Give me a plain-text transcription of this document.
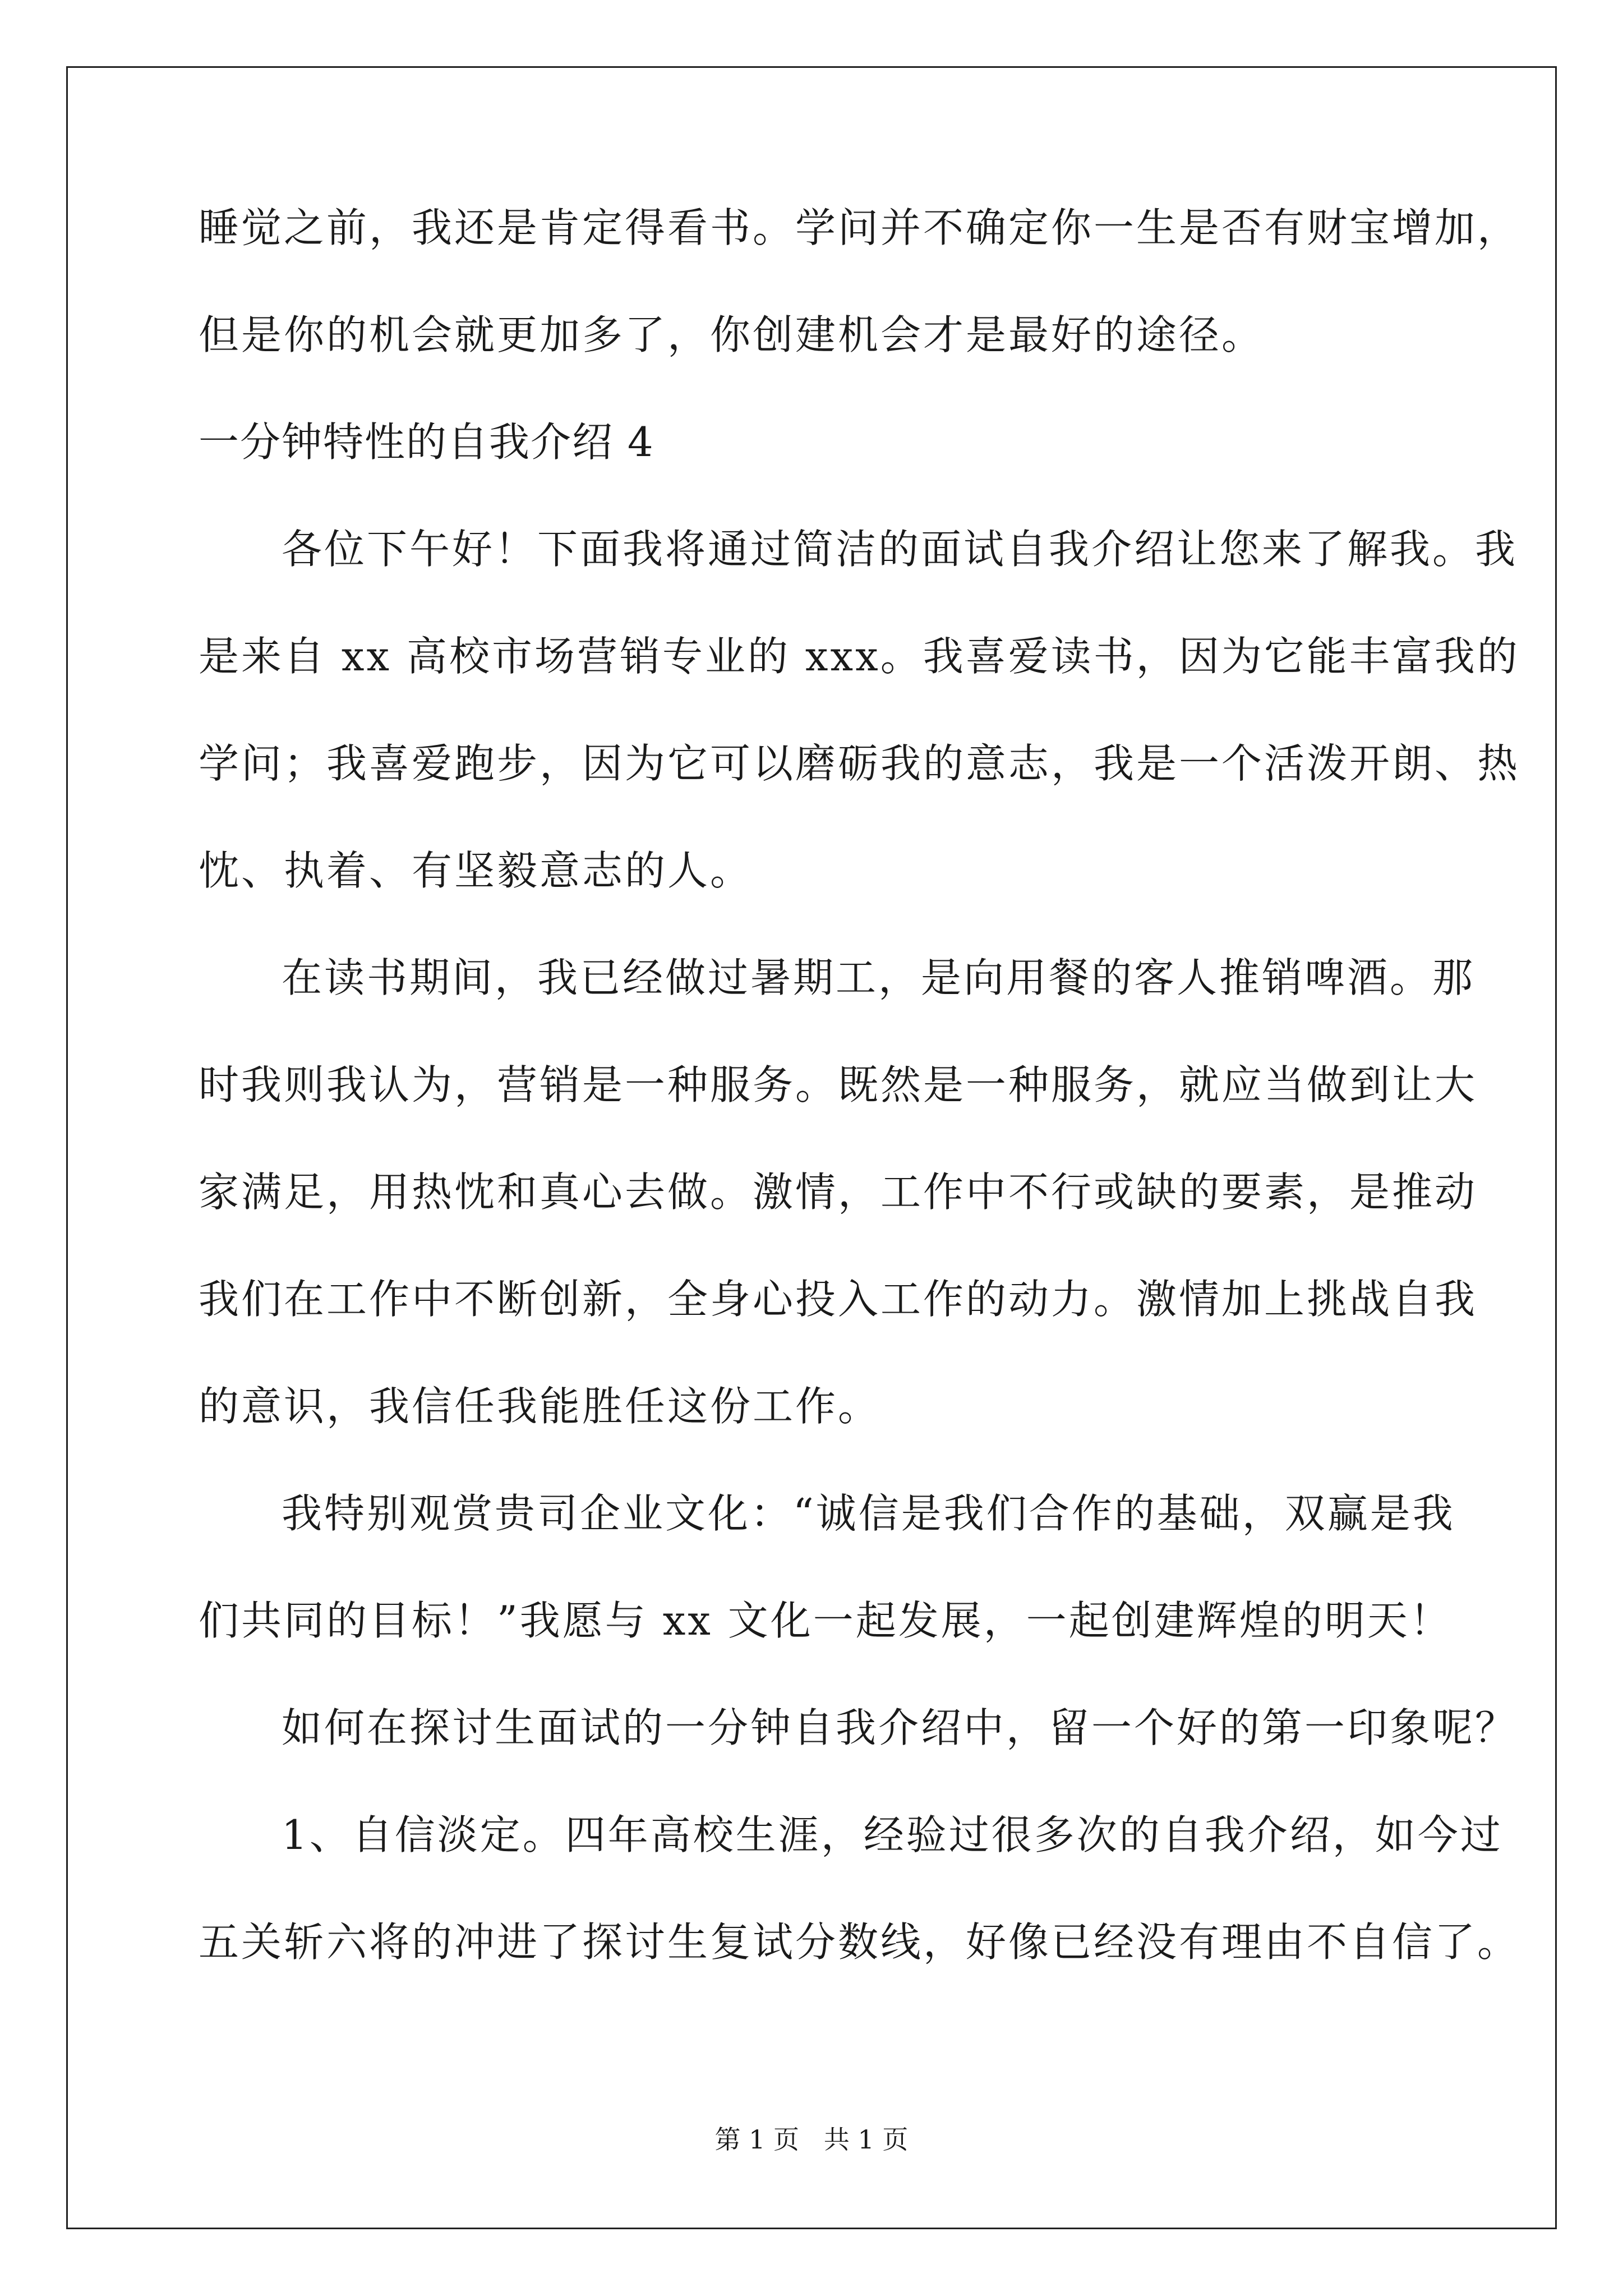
睡觉之前，我还是肯定得看书。学问并不确定你一生是否有财宝增加，
但是你的机会就更加多了，你创建机会才是最好的途径。
一分钟特性的自我介绍 4
各位下午好！下面我将通过简洁的面试自我介绍让您来了解我。我
是来自 xx 高校市场营销专业的 xxx。我喜爱读书，因为它能丰富我的
学问；我喜爱跑步，因为它可以磨砺我的意志，我是一个活泼开朗、热
忱、执着、有坚毅意志的人。
在读书期间，我已经做过暑期工，是向用餐的客人推销啤酒。那
时我则我认为，营销是一种服务。既然是一种服务，就应当做到让大
家满足，用热忱和真心去做。激情，工作中不行或缺的要素，是推动
我们在工作中不断创新，全身心投入工作的动力。激情加上挑战自我
的意识，我信任我能胜任这份工作。
我特别观赏贵司企业文化：“诚信是我们合作的基础，双赢是我
们共同的目标！”我愿与 xx 文化一起发展，一起创建辉煌的明天！
如何在探讨生面试的一分钟自我介绍中，留一个好的第一印象呢？
1、自信淡定。四年高校生涯，经验过很多次的自我介绍，如今过
五关斩六将的冲进了探讨生复试分数线，好像已经没有理由不自信了。
第 1 页   共 1 页
